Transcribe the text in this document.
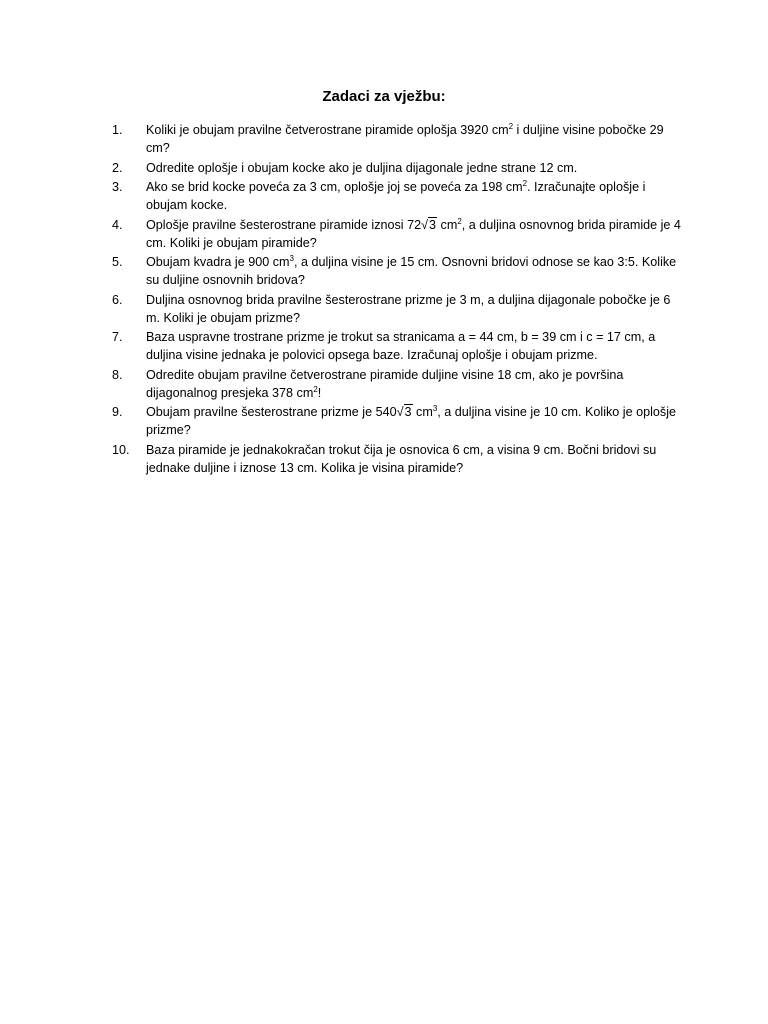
Zadaci za vježbu:
1.	Koliki je obujam pravilne četverostrane piramide oplošja 3920 $cm^2$ i duljine visine pobočke 29 cm?
2.	Odredite oplošje i obujam kocke ako je duljina dijagonale jedne strane 12 cm.
3.	Ako se brid kocke poveća za 3 cm, oplošje joj se poveća za 198 $cm^2$. Izračunajte oplošje i obujam kocke.
4.	Oplošje pravilne šesterostrane piramide iznosi 72√3 $cm^2$, a duljina osnovnog brida piramide je 4 cm. Koliki je obujam piramide?
5.	Obujam kvadra je 900 $cm^3$, a duljina visine je 15 cm. Osnovni bridovi odnose se kao 3:5. Kolike su duljine osnovnih bridova?
6.	Duljina osnovnog brida pravilne šesterostrane prizme je 3 m, a duljina dijagonale pobočke je 6 m. Koliki je obujam prizme?
7.	Baza uspravne trostrane prizme je trokut sa stranicama a = 44 cm, b = 39 cm i c = 17 cm, a duljina visine jednaka je polovici opsega baze. Izračunaj oplošje i obujam prizme.
8.	Odredite obujam pravilne četverostrane piramide duljine visine 18 cm, ako je površina dijagonalnog presjeka 378 $cm^2$!
9.	Obujam pravilne šesterostrane prizme je 540√3 $cm^3$, a duljina visine je 10 cm. Koliko je oplošje prizme?
10.	Baza piramide je jednakokračan trokut čija je osnovica 6 cm, a visina 9 cm. Bočni bridovi su jednake duljine i iznose 13 cm. Kolika je visina piramide?
